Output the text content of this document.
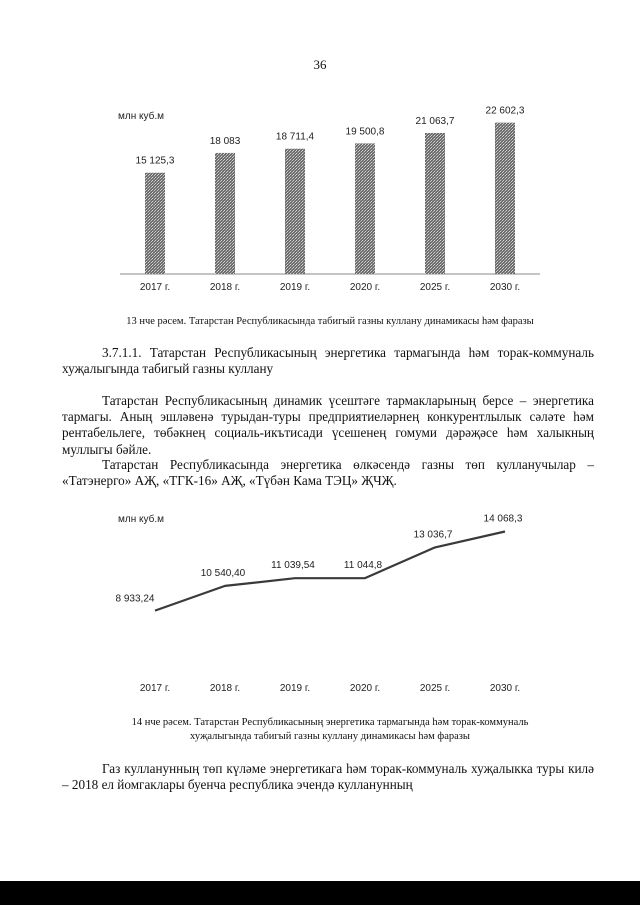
36
млн куб.м
15 125,3
2017 г.
18 083
2018 г.
18 711,4
2019 г.
19 500,8
2020 г.
21 063,7
2025 г.
22 602,3
2030 г.
13 нче рәсем. Татарстан Республикасында табигый газны куллану динамикасы һәм фаразы

3.7.1.1. Татарстан Республикасының энергетика тармагында һәм торак-коммуналь хуҗалыгында табигый газны куллану

Татарстан Республикасының динамик үсештәге тармакларының берсе – энергетика тармагы. Аның эшләвенә турыдан-туры предприятиеләрнең конкурентлылык сәләте һәм рентабельлеге, төбәкнең социаль-икътисади үсешенең гомуми дәрәҗәсе һәм халыкның муллыгы бәйле.

Татарстан Республикасында энергетика өлкәсендә газны төп кулланучылар – «Татэнерго» АҖ, «ТГК-16» АҖ, «Түбән Кама ТЭЦ» ҖЧҖ.

млн куб.м
8 933,24
2017 г.
10 540,40
2018 г.
11 039,54
2019 г.
11 044,8
2020 г.
13 036,7
2025 г.
14 068,3
2030 г.
14 нче рәсем. Татарстан Республикасының энергетика тармагында һәм торак-коммуналь
хуҗалыгында табигый газны куллану динамикасы һәм фаразы

Газ кулланунның төп күләме энергетикага һәм торак-коммуналь хуҗалыкка туры килә – 2018 ел йомгаклары буенча республика эчендә кулланунның
